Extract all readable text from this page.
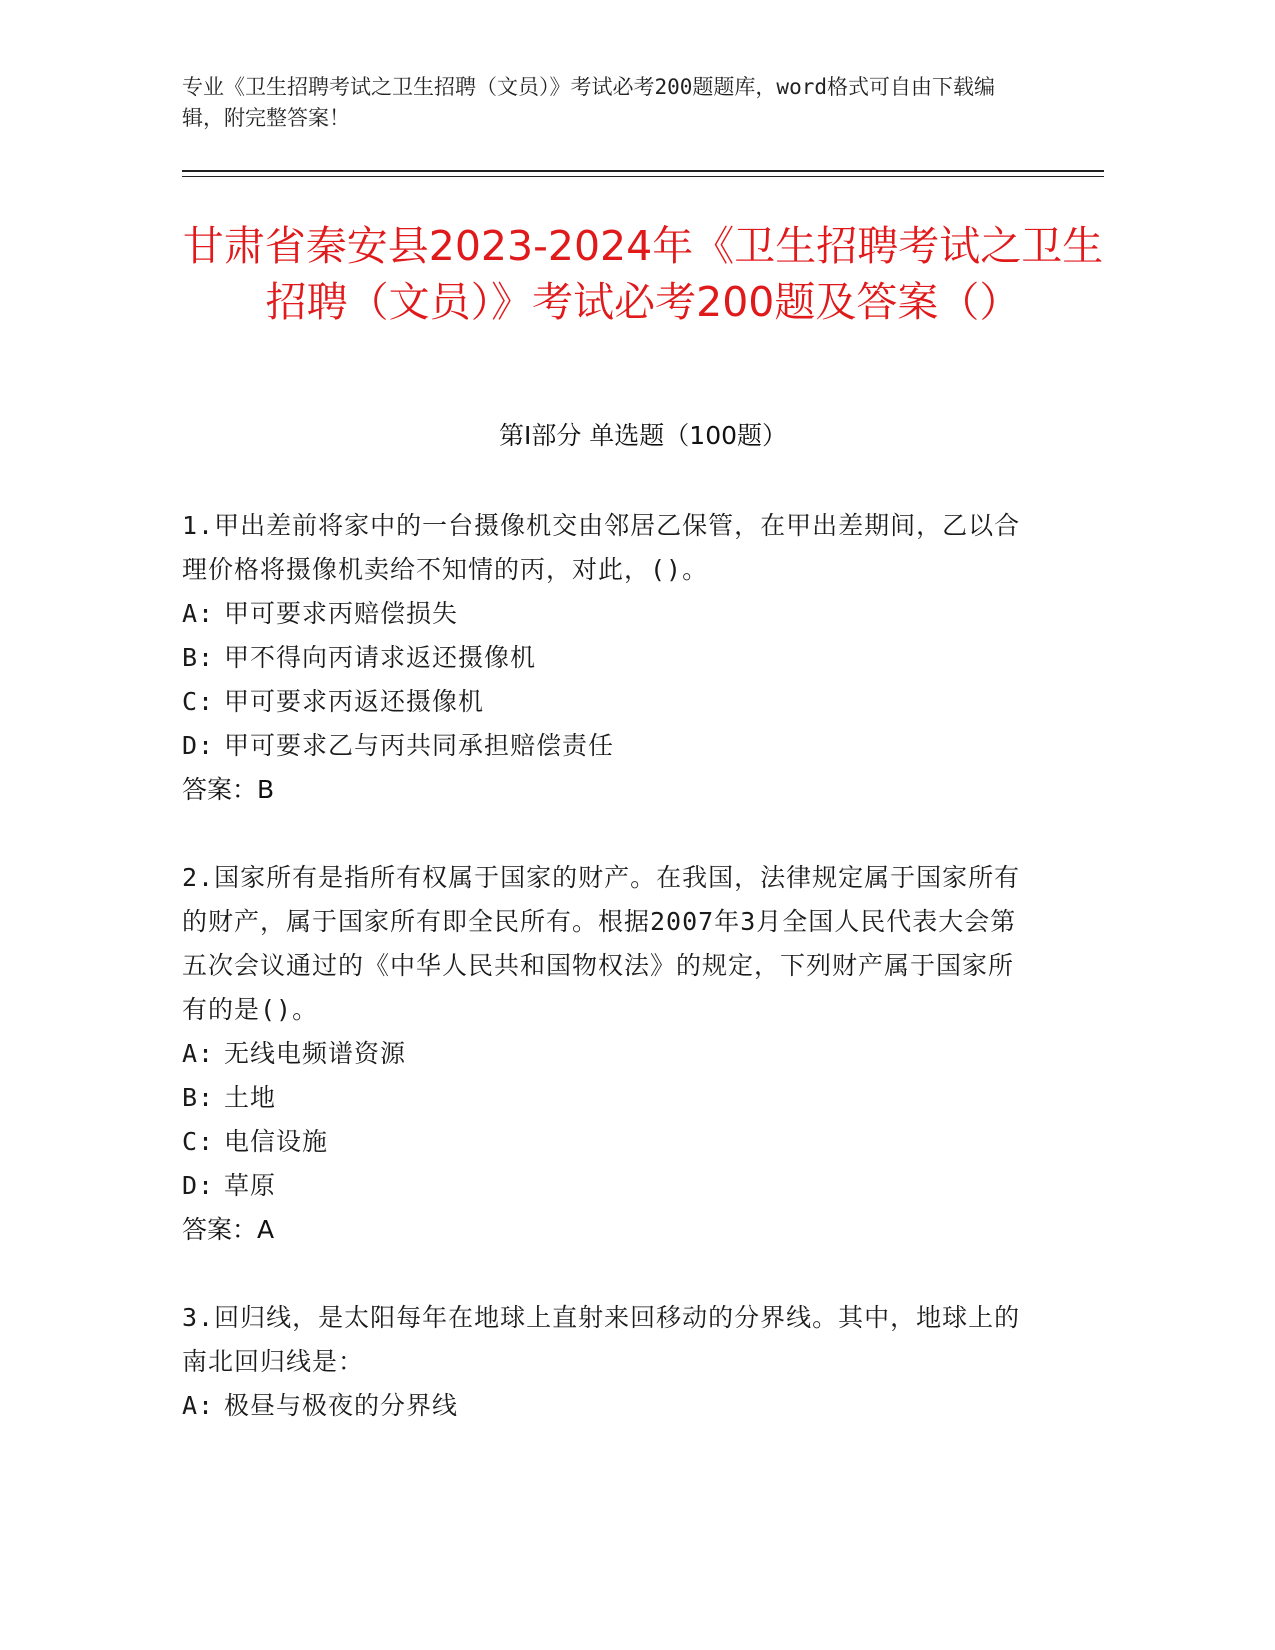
专业《卫生招聘考试之卫生招聘（文员）》考试必考200题题库，word格式可自由下载编辑，附完整答案！

甘肃省秦安县2023-2024年《卫生招聘考试之卫生招聘（文员）》考试必考200题及答案（）
第Ⅰ部分 单选题（100题）

1.甲出差前将家中的一台摄像机交由邻居乙保管，在甲出差期间，乙以合理价格将摄像机卖给不知情的丙，对此，()。

A: 甲可要求丙赔偿损失

B: 甲不得向丙请求返还摄像机

C: 甲可要求丙返还摄像机

D: 甲可要求乙与丙共同承担赔偿责任

答案：B

2.国家所有是指所有权属于国家的财产。在我国，法律规定属于国家所有的财产，属于国家所有即全民所有。根据2007年3月全国人民代表大会第五次会议通过的《中华人民共和国物权法》的规定，下列财产属于国家所有的是()。

A: 无线电频谱资源

B: 土地

C: 电信设施

D: 草原

答案：A

3.回归线，是太阳每年在地球上直射来回移动的分界线。其中，地球上的南北回归线是：

A: 极昼与极夜的分界线
